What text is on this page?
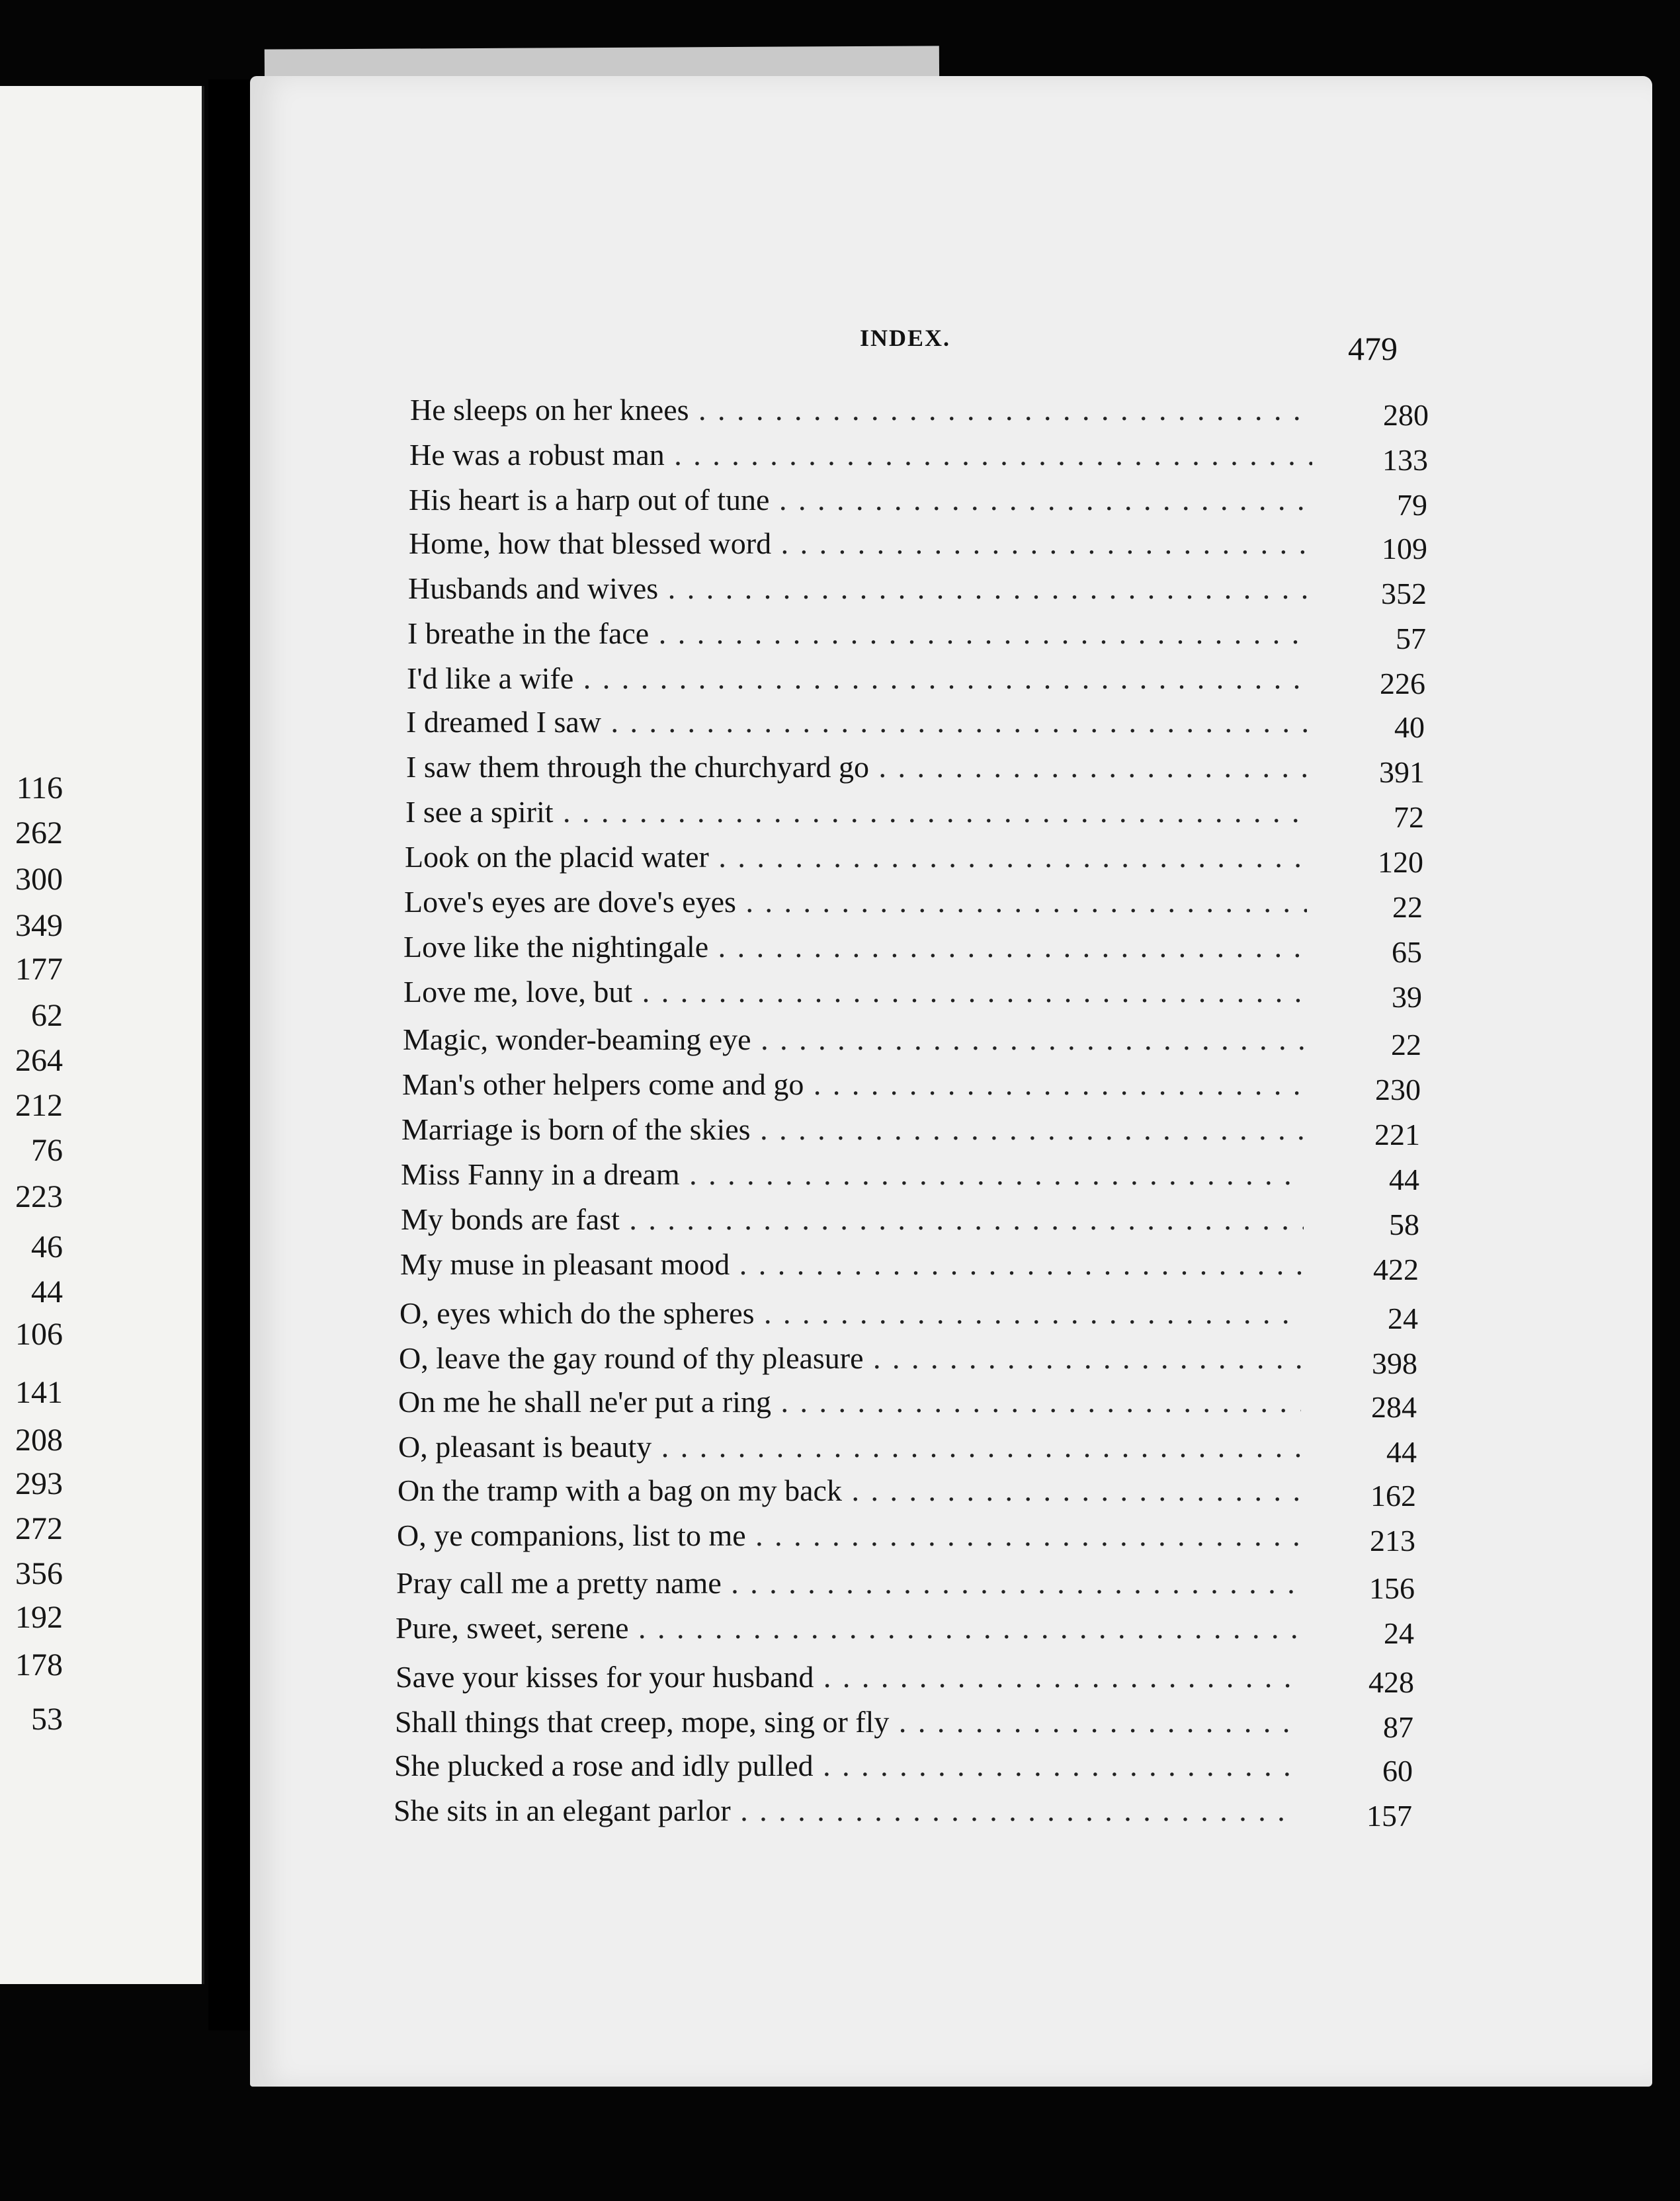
116
262
300
349
177
62
264
212
76
223
46
44
106
141
208
293
272
356
192
178
53
INDEX.	479
He sleeps on her knees . . .	280
He was a robust man . . .	133
His heart is a harp out of tune . . .	79
Home, how that blessed word . . .	109
Husbands and wives . . .	352
I breathe in the face . . .	57
I'd like a wife . . .	226
I dreamed I saw . . .	40
I saw them through the churchyard go . . .	391
I see a spirit . . .	72
Look on the placid water . . .	120
Love's eyes are dove's eyes . . .	22
Love like the nightingale . . .	65
Love me, love, but . . .	39
Magic, wonder-beaming eye . . .	22
Man's other helpers come and go . . .	230
Marriage is born of the skies . . .	221
Miss Fanny in a dream . . .	44
My bonds are fast . . .	58
My muse in pleasant mood . . .	422
O, eyes which do the spheres . . .	24
O, leave the gay round of thy pleasure . . .	398
On me he shall ne'er put a ring . . .	284
O, pleasant is beauty . . .	44
On the tramp with a bag on my back . . .	162
O, ye companions, list to me . . .	213
Pray call me a pretty name . . .	156
Pure, sweet, serene . . .	24
Save your kisses for your husband . . .	428
Shall things that creep, mope, sing or fly . . .	87
She plucked a rose and idly pulled . . .	60
She sits in an elegant parlor . . .	157
